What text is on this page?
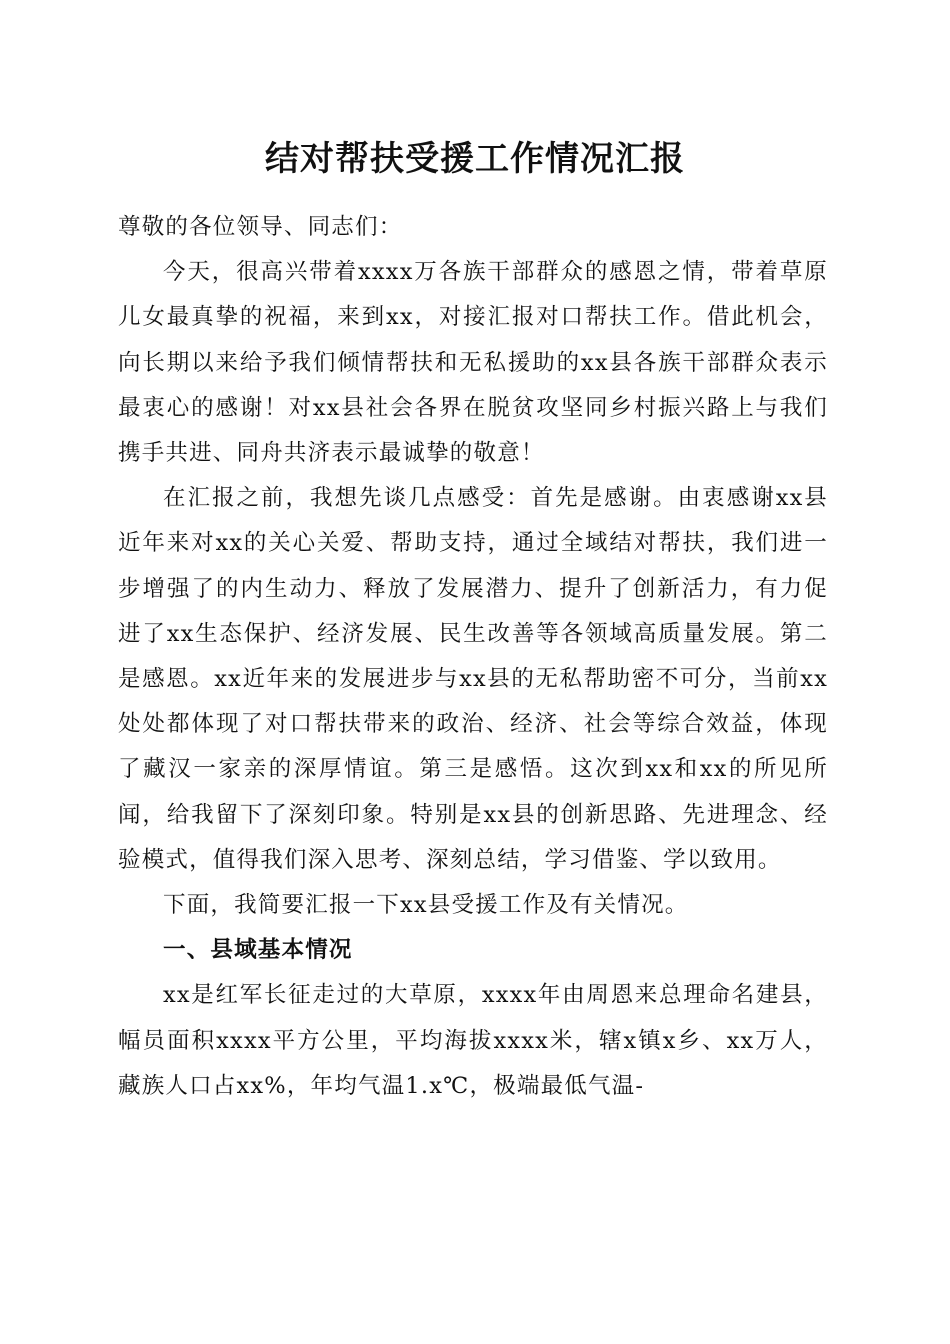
结对帮扶受援工作情况汇报

尊敬的各位领导、同志们：

今天，很高兴带着xxxx万各族干部群众的感恩之情，带着草原儿女最真挚的祝福，来到xx，对接汇报对口帮扶工作。借此机会，向长期以来给予我们倾情帮扶和无私援助的xx县各族干部群众表示最衷心的感谢！对xx县社会各界在脱贫攻坚同乡村振兴路上与我们携手共进、同舟共济表示最诚挚的敬意！

在汇报之前，我想先谈几点感受：首先是感谢。由衷感谢xx县近年来对xx的关心关爱、帮助支持，通过全域结对帮扶，我们进一步增强了的内生动力、释放了发展潜力、提升了创新活力，有力促进了xx生态保护、经济发展、民生改善等各领域高质量发展。第二是感恩。xx近年来的发展进步与xx县的无私帮助密不可分，当前xx处处都体现了对口帮扶带来的政治、经济、社会等综合效益，体现了藏汉一家亲的深厚情谊。第三是感悟。这次到xx和xx的所见所闻，给我留下了深刻印象。特别是xx县的创新思路、先进理念、经验模式，值得我们深入思考、深刻总结，学习借鉴、学以致用。

下面，我简要汇报一下xx县受援工作及有关情况。

一、县域基本情况

xx是红军长征走过的大草原，xxxx年由周恩来总理命名建县，幅员面积xxxx平方公里，平均海拔xxxx米，辖x镇x乡、xx万人，藏族人口占xx%，年均气温1.x℃，极端最低气温-
